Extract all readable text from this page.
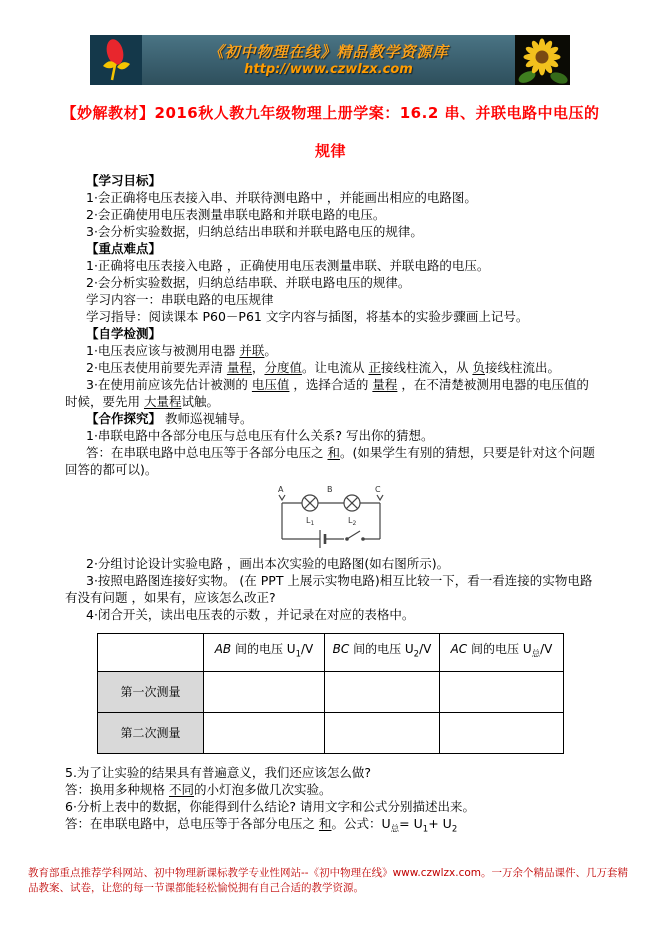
《初中物理在线》精品教学资源库
http://www.czwlzx.com
【妙解教材】2016秋人教九年级物理上册学案：16.2 串、并联电路中电压的
规律

【学习目标】

1·会正确将电压表接入串、并联待测电路中 ，并能画出相应的电路图。

2·会正确使用电压表测量串联电路和并联电路的电压。

3·会分析实验数据，归纳总结出串联和并联电路电压的规律。

【重点难点】

1·正确将电压表接入电路 ，正确使用电压表测量串联、并联电路的电压。

2·会分析实验数据，归纳总结串联、并联电路电压的规律。

学习内容一：串联电路的电压规律

学习指导：阅读课本 P60－P61 文字内容与插图，将基本的实验步骤画上记号。

【自学检测】

1·电压表应该与被测用电器 并联。

2·电压表使用前要先弄清 量程，分度值。让电流从 正接线柱流入，从 负接线柱流出。

3·在使用前应该先估计被测的 电压值 ，选择合适的 量程 ，在不清楚被测用电器的电压值的时候，要先用 大量程试触。

【合作探究】 教师巡视辅导。

1·串联电路中各部分电压与总电压有什么关系? 写出你的猜想。

答：在串联电路中总电压等于各部分电压之 和。(如果学生有别的猜想，只要是针对这个问题回答的都可以)。

A	B	C
$L_1$	$L_2$

2·分组讨论设计实验电路 ，画出本次实验的电路图(如右图所示)。

3·按照电路图连接好实物。 (在 PPT 上展示实物电路)相互比较一下，看一看连接的实物电路有没有问题 ，如果有，应该怎么改正?

4·闭合开关，读出电压表的示数 ，并记录在对应的表格中。

	AB 间的电压 $U_1/V$	BC 间的电压 $U_2/V$	AC 间的电压 $U_总/V$
第一次测量			
第二次测量			

5.为了让实验的结果具有普遍意义，我们还应该怎么做?

答：换用多种规格 不同的小灯泡多做几次实验。

6·分析上表中的数据，你能得到什么结论? 请用文字和公式分别描述出来。

答：在串联电路中，总电压等于各部分电压之 和。公式：$U_总= U_1+ U_2$

教育部重点推荐学科网站、初中物理新课标教学专业性网站--《初中物理在线》www.czwlzx.com。一万余个精品课件、几万套精品教案、试卷，让您的每一节课都能轻松愉悦拥有自己合适的教学资源。
